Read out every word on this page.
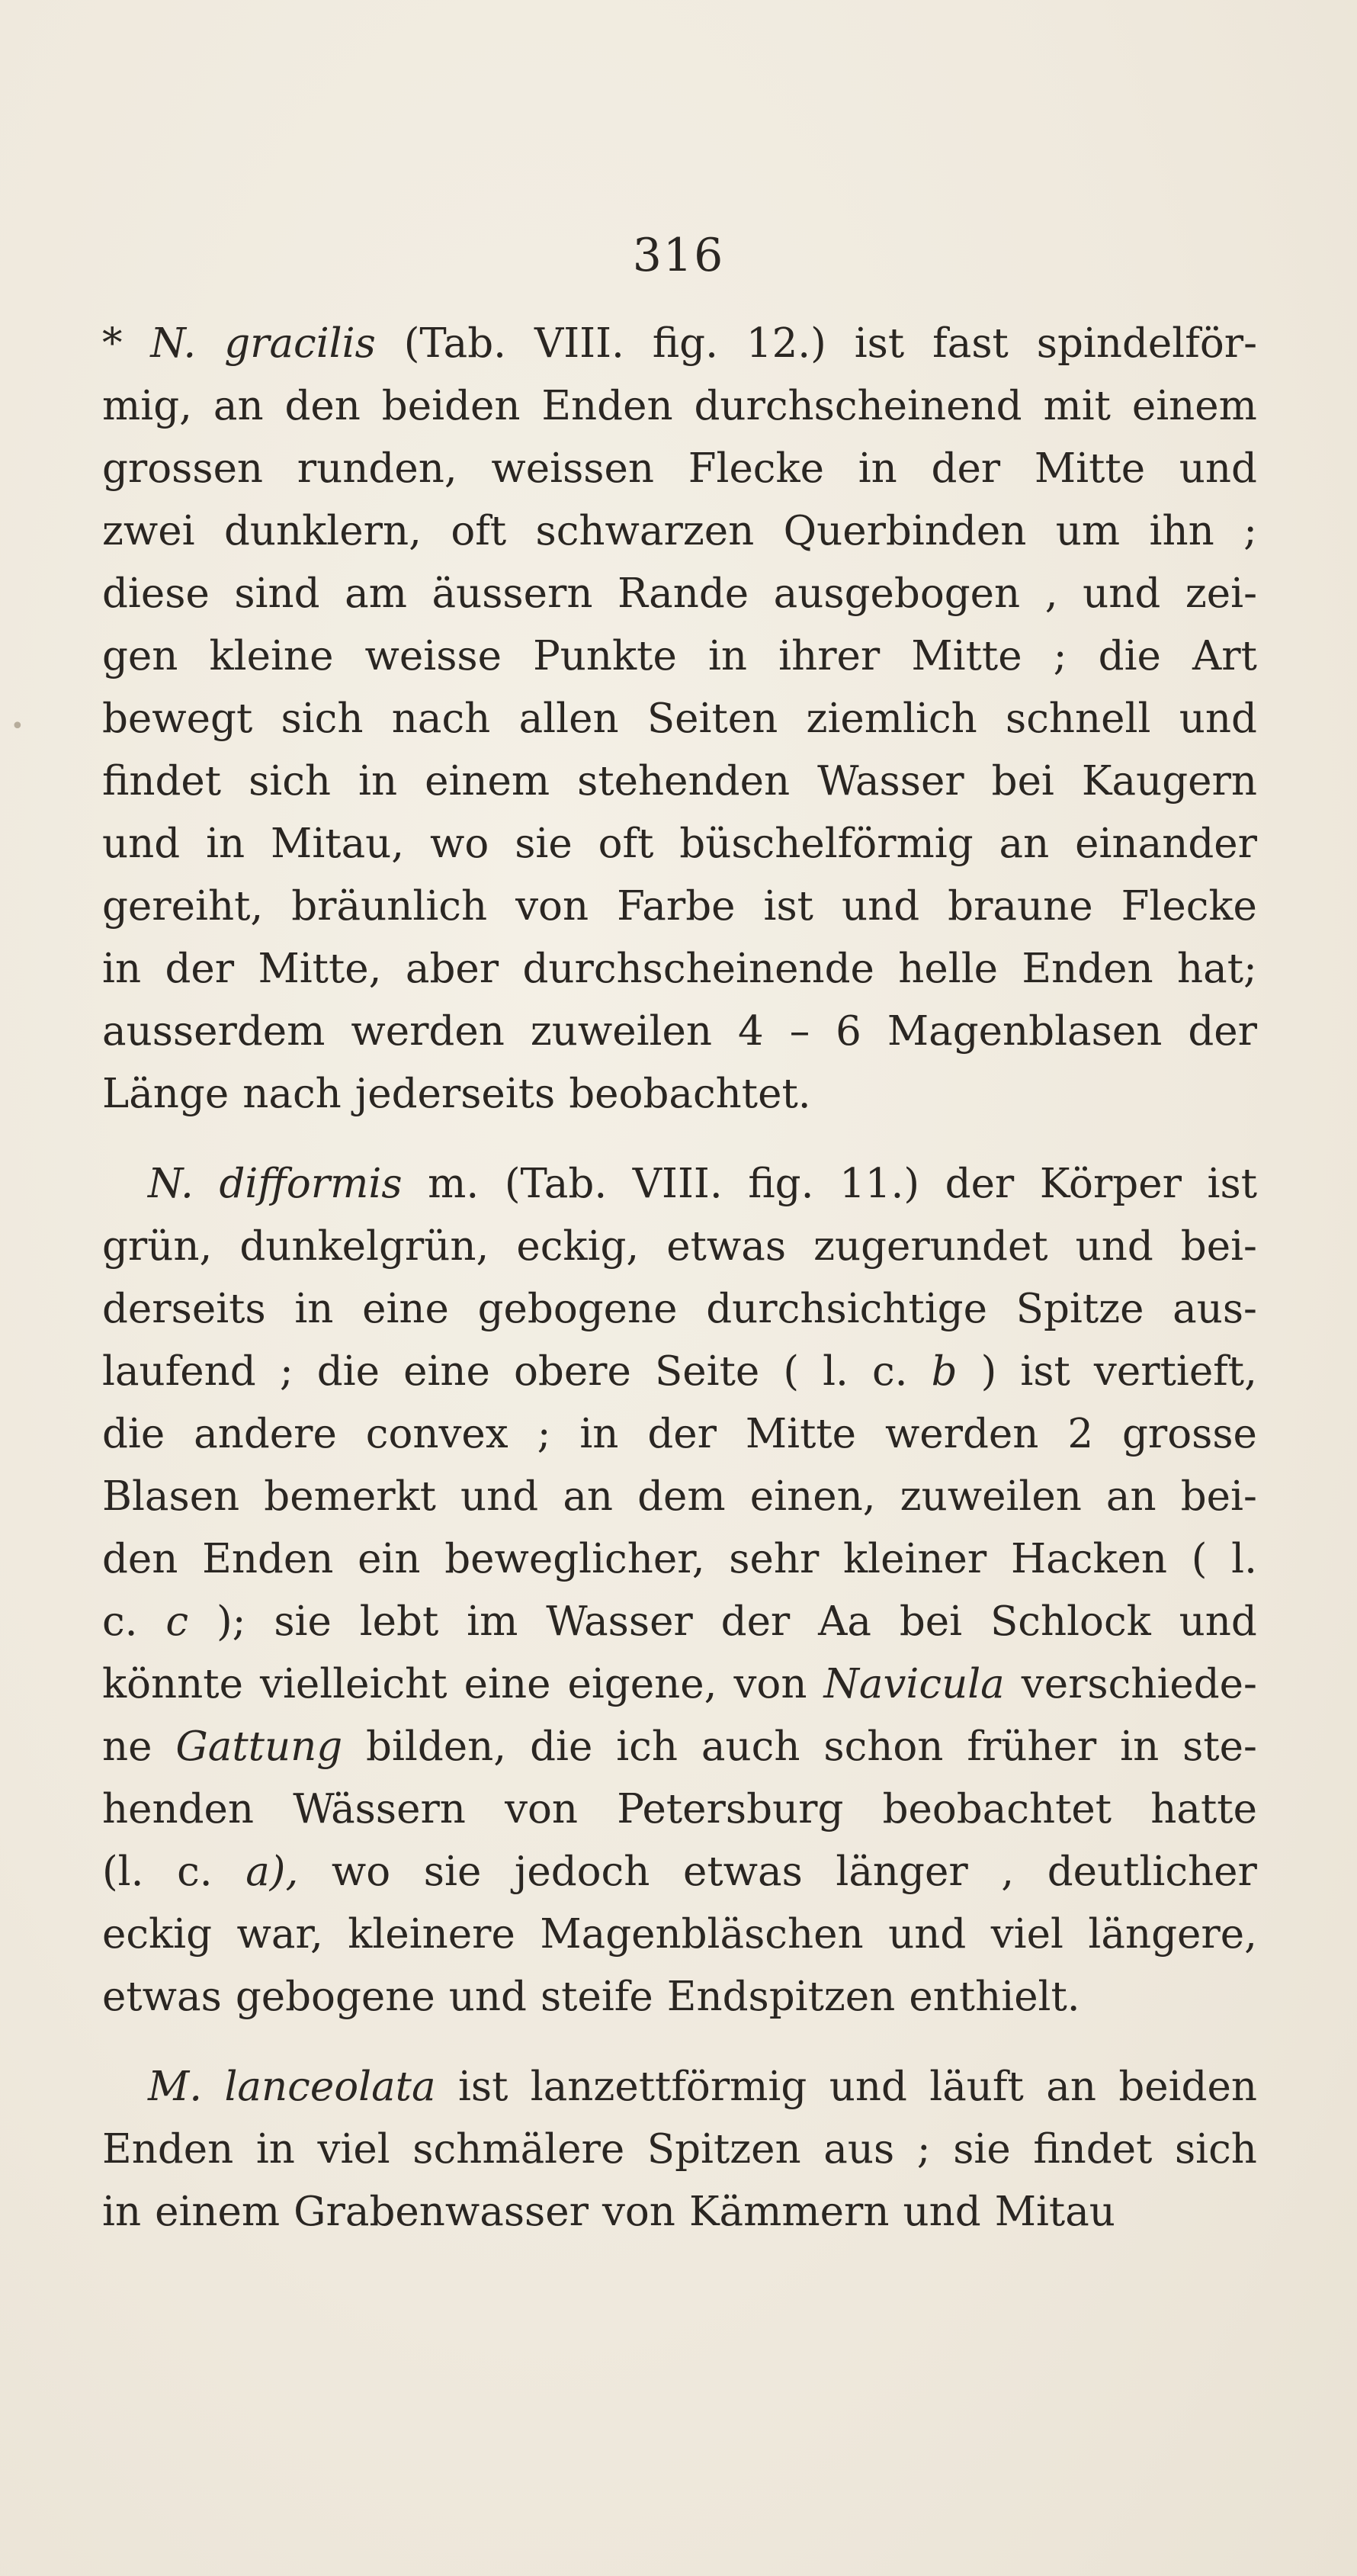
316
* N. gracilis (Tab. VIII. fig. 12.) ist fast spindelför-
mig, an den beiden Enden durchscheinend mit einem
grossen runden, weissen Flecke in der Mitte und
zwei dunklern, oft schwarzen Querbinden um ihn ;
diese sind am äussern Rande ausgebogen , und zei-
gen kleine weisse Punkte in ihrer Mitte ; die Art
bewegt sich nach allen Seiten ziemlich schnell und
findet sich in einem stehenden Wasser bei Kaugern
und in Mitau, wo sie oft büschelförmig an einander
gereiht, bräunlich von Farbe ist und braune Flecke
in der Mitte, aber durchscheinende helle Enden hat;
ausserdem werden zuweilen 4 – 6 Magenblasen der
Länge nach jederseits beobachtet.
N. difformis m. (Tab. VIII. fig. 11.) der Körper ist
grün, dunkelgrün, eckig, etwas zugerundet und bei-
derseits in eine gebogene durchsichtige Spitze aus-
laufend ; die eine obere Seite ( l. c. b ) ist vertieft,
die andere convex ; in der Mitte werden 2 grosse
Blasen bemerkt und an dem einen, zuweilen an bei-
den Enden ein beweglicher, sehr kleiner Hacken ( l.
c. c ); sie lebt im Wasser der Aa bei Schlock und
könnte vielleicht eine eigene, von Navicula verschiede-
ne Gattung bilden, die ich auch schon früher in ste-
henden Wässern von Petersburg beobachtet hatte
(l. c. a), wo sie jedoch etwas länger , deutlicher
eckig war, kleinere Magenbläschen und viel längere,
etwas gebogene und steife Endspitzen enthielt.
M. lanceolata ist lanzettförmig und läuft an beiden
Enden in viel schmälere Spitzen aus ; sie findet sich
in einem Grabenwasser von Kämmern und Mitau
•
